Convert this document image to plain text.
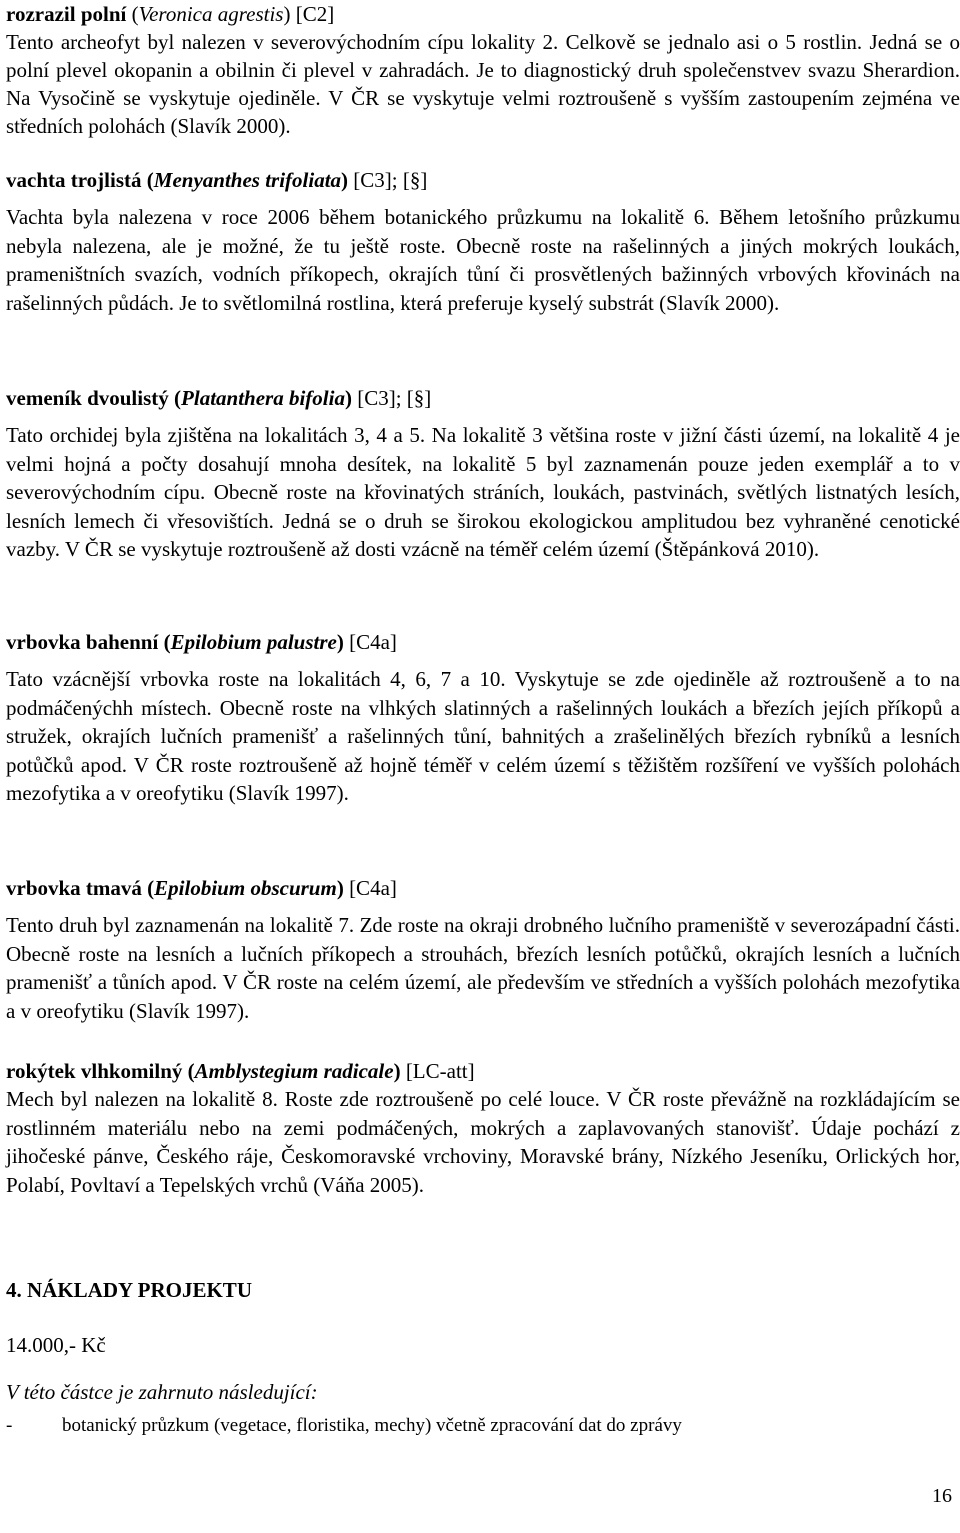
rozrazil polní (Veronica agrestis) [C2]

Tento archeofyt byl nalezen v severovýchodním cípu lokality 2. Celkově se jednalo asi o 5 rostlin. Jedná se o polní plevel okopanin a obilnin či plevel v zahradách. Je to diagnostický druh společenstvev svazu Sherardion. Na Vysočině se vyskytuje ojediněle. V ČR se vyskytuje velmi roztroušeně s vyšším zastoupením zejména ve středních polohách (Slavík 2000).

vachta trojlistá (Menyanthes trifoliata) [C3]; [§]

Vachta byla nalezena v roce 2006 během botanického průzkumu na lokalitě 6. Během letošního průzkumu nebyla nalezena, ale je možné, že tu ještě roste. Obecně roste na rašelinných a jiných mokrých loukách, prameništních svazích, vodních příkopech, okrajích tůní či prosvětlených bažinných vrbových křovinách na rašelinných půdách. Je to světlomilná rostlina, která preferuje kyselý substrát (Slavík 2000).

vemeník dvoulistý (Platanthera bifolia) [C3]; [§]

Tato orchidej byla zjištěna na lokalitách 3, 4 a 5. Na lokalitě 3 většina roste v jižní části území, na lokalitě 4 je velmi hojná a počty dosahují mnoha desítek, na lokalitě 5 byl zaznamenán pouze jeden exemplář a to v severovýchodním cípu. Obecně roste na křovinatých stráních, loukách, pastvinách, světlých listnatých lesích, lesních lemech či vřesovištích. Jedná se o druh se širokou ekologickou amplitudou bez vyhraněné cenotické vazby. V ČR se vyskytuje roztroušeně až dosti vzácně na téměř celém území (Štěpánková 2010).

vrbovka bahenní (Epilobium palustre) [C4a]

Tato vzácnější vrbovka roste na lokalitách 4, 6, 7 a 10. Vyskytuje se zde ojediněle až roztroušeně a to na podmáčenýchh místech. Obecně roste na vlhkých slatinných a rašelinných loukách a březích jejích příkopů a stružek, okrajích lučních pramenišť a rašelinných tůní, bahnitých a zrašelinělých březích rybníků a lesních potůčků apod. V ČR roste roztroušeně až hojně téměř v celém území s těžištěm rozšíření ve vyšších polohách mezofytika a v oreofytiku (Slavík 1997).

vrbovka tmavá (Epilobium obscurum) [C4a]

Tento druh byl zaznamenán na lokalitě 7. Zde roste na okraji drobného lučního prameniště v severozápadní části. Obecně roste na lesních a lučních příkopech a strouhách, březích lesních potůčků, okrajích lesních a lučních pramenišť a tůních apod. V ČR roste na celém území, ale především ve středních a vyšších polohách mezofytika a v oreofytiku (Slavík 1997).

rokýtek vlhkomilný (Amblystegium radicale) [LC-att]

Mech byl nalezen na lokalitě 8. Roste zde roztroušeně po celé louce. V ČR roste převážně na rozkládajícím se rostlinném materiálu nebo na zemi podmáčených, mokrých a zaplavovaných stanovišť. Údaje pochází z jihočeské pánve, Českého ráje, Českomoravské vrchoviny, Moravské brány, Nízkého Jeseníku, Orlických hor, Polabí, Povltaví a Tepelských vrchů (Váňa 2005).

4. NÁKLADY PROJEKTU
14.000,- Kč
V této částce je zahrnuto následující:
-	botanický průzkum (vegetace, floristika, mechy) včetně zpracování dat do zprávy
16
